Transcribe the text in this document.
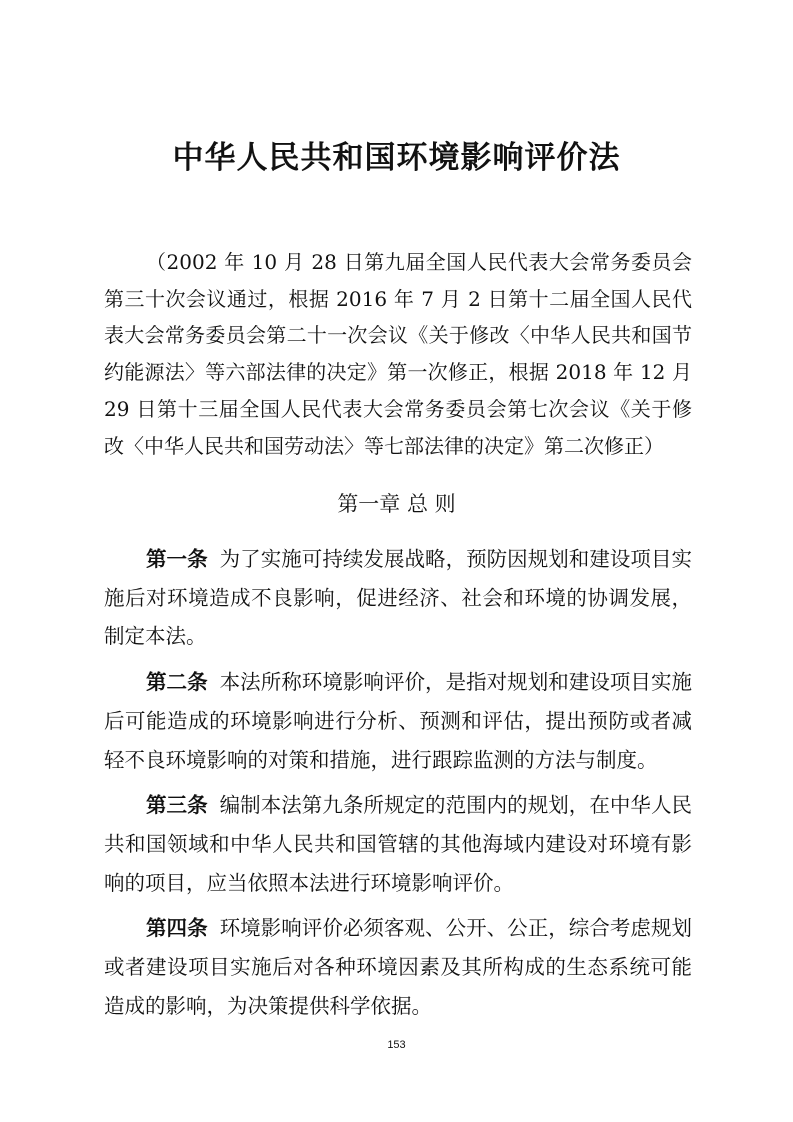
中华人民共和国环境影响评价法

（2002 年 10 月 28 日第九届全国人民代表大会常务委员会第三十次会议通过，根据 2016 年 7 月 2 日第十二届全国人民代表大会常务委员会第二十一次会议《关于修改〈中华人民共和国节约能源法〉等六部法律的决定》第一次修正，根据 2018 年 12 月 29 日第十三届全国人民代表大会常务委员会第七次会议《关于修改〈中华人民共和国劳动法〉等七部法律的决定》第二次修正）

第一章 总 则

第一条 为了实施可持续发展战略，预防因规划和建设项目实施后对环境造成不良影响，促进经济、社会和环境的协调发展，制定本法。

第二条 本法所称环境影响评价，是指对规划和建设项目实施后可能造成的环境影响进行分析、预测和评估，提出预防或者减轻不良环境影响的对策和措施，进行跟踪监测的方法与制度。

第三条 编制本法第九条所规定的范围内的规划，在中华人民共和国领域和中华人民共和国管辖的其他海域内建设对环境有影响的项目，应当依照本法进行环境影响评价。

第四条 环境影响评价必须客观、公开、公正，综合考虑规划或者建设项目实施后对各种环境因素及其所构成的生态系统可能造成的影响，为决策提供科学依据。

153
